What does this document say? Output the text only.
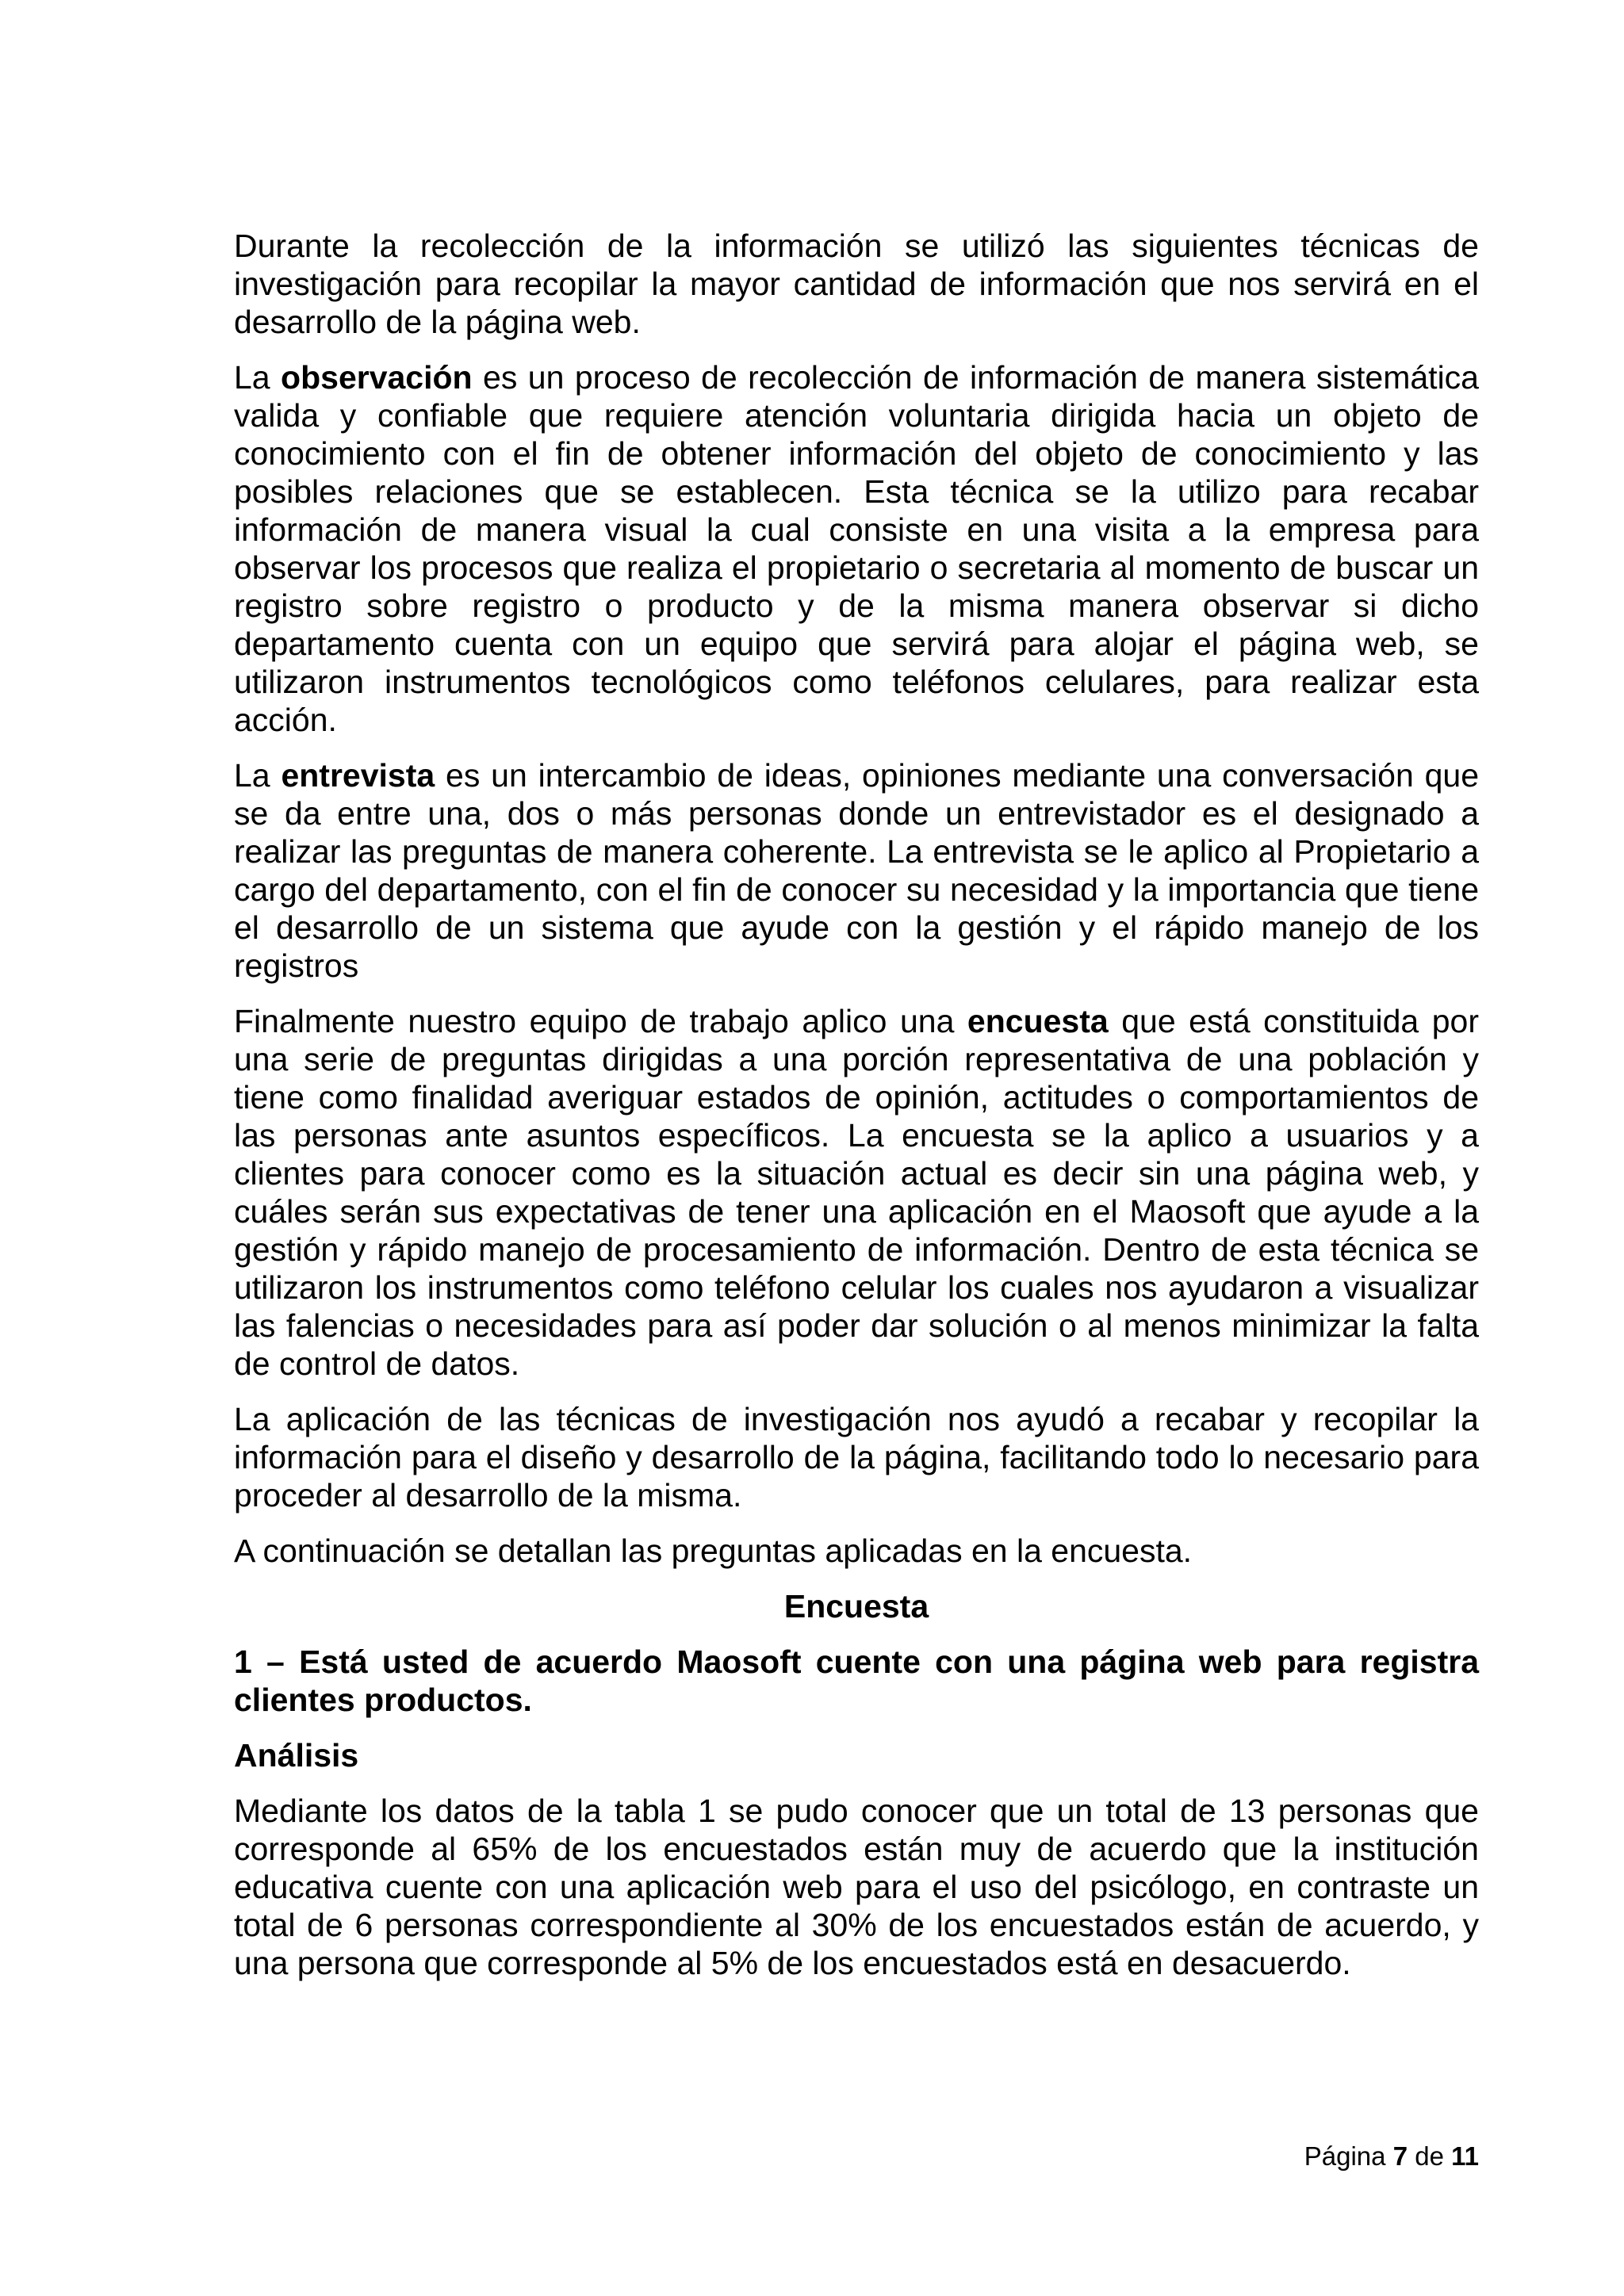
Durante la recolección de la información se utilizó las siguientes técnicas de investigación para recopilar la mayor cantidad de información que nos servirá en el desarrollo de la página web.

La observación es un proceso de recolección de información de manera sistemática valida y confiable que requiere atención voluntaria dirigida hacia un objeto de conocimiento con el fin de obtener información del objeto de conocimiento y las posibles relaciones que se establecen. Esta técnica se la utilizo para recabar información de manera visual la cual consiste en una visita a la empresa para observar los procesos que realiza el propietario o secretaria al momento de buscar un registro sobre registro o producto y de la misma manera observar si dicho departamento cuenta con un equipo que servirá para alojar el página web, se utilizaron instrumentos tecnológicos como teléfonos celulares, para realizar esta acción.

La entrevista es un intercambio de ideas, opiniones mediante una conversación que se da entre una, dos o más personas donde un entrevistador es el designado a realizar las preguntas de manera coherente. La entrevista se le aplico al Propietario a cargo del departamento, con el fin de conocer su necesidad y la importancia que tiene el desarrollo de un sistema que ayude con la gestión y el rápido manejo de los registros

Finalmente nuestro equipo de trabajo aplico una encuesta que está constituida por una serie de preguntas dirigidas a una porción representativa de una población y tiene como finalidad averiguar estados de opinión, actitudes o comportamientos de las personas ante asuntos específicos. La encuesta se la aplico a usuarios y a clientes para conocer como es la situación actual es decir sin una página web, y cuáles serán sus expectativas de tener una aplicación en el Maosoft que ayude a la gestión y rápido manejo de procesamiento de información. Dentro de esta técnica se utilizaron los instrumentos como teléfono celular los cuales nos ayudaron a visualizar las falencias o necesidades para así poder dar solución o al menos minimizar la falta de control de datos.

La aplicación de las técnicas de investigación nos ayudó a recabar y recopilar la información para el diseño y desarrollo de la página, facilitando todo lo necesario para proceder al desarrollo de la misma.

A continuación se detallan las preguntas aplicadas en la encuesta.

Encuesta

1 – Está usted de acuerdo Maosoft cuente con una página web para registra clientes productos.

Análisis

Mediante los datos de la tabla 1 se pudo conocer que un total de 13 personas que corresponde al 65% de los encuestados están muy de acuerdo que la institución educativa cuente con una aplicación web para el uso del psicólogo, en contraste un total de 6 personas correspondiente al 30% de los encuestados están de acuerdo, y una persona que corresponde al 5% de los encuestados está en desacuerdo.

Página 7 de 11
